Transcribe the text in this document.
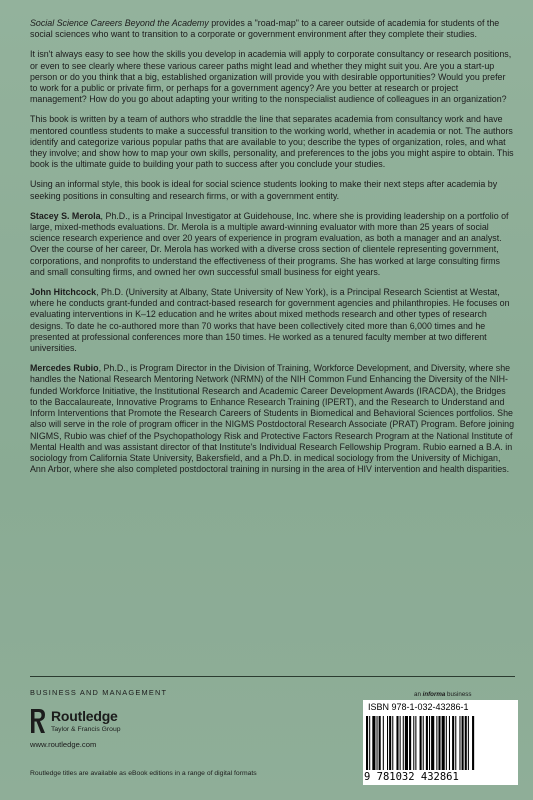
Social Science Careers Beyond the Academy provides a "road-map" to a career outside of academia for students of the social sciences who want to transition to a corporate or government environment after they complete their studies.

It isn't always easy to see how the skills you develop in academia will apply to corporate consultancy or research positions, or even to see clearly where these various career paths might lead and whether they might suit you. Are you a start-up person or do you think that a big, established organization will provide you with desirable opportunities? Would you prefer to work for a public or private firm, or perhaps for a government agency? Are you better at research or project management? How do you go about adapting your writing to the nonspecialist audience of colleagues in an organization?

This book is written by a team of authors who straddle the line that separates academia from consultancy work and have mentored countless students to make a successful transition to the working world, whether in academia or not. The authors identify and categorize various popular paths that are available to you; describe the types of organization, roles, and what they involve; and show how to map your own skills, personality, and preferences to the jobs you might aspire to obtain. This book is the ultimate guide to building your path to success after you conclude your studies.

Using an informal style, this book is ideal for social science students looking to make their next steps after academia by seeking positions in consulting and research firms, or with a government entity.

Stacey S. Merola, Ph.D., is a Principal Investigator at Guidehouse, Inc. where she is providing leadership on a portfolio of large, mixed-methods evaluations. Dr. Merola is a multiple award-winning evaluator with more than 25 years of social science research experience and over 20 years of experience in program evaluation, as both a manager and an analyst. Over the course of her career, Dr. Merola has worked with a diverse cross section of clientele representing government, corporations, and nonprofits to understand the effectiveness of their programs. She has worked at large consulting firms and small consulting firms, and owned her own successful small business for eight years.

John Hitchcock, Ph.D. (University at Albany, State University of New York), is a Principal Research Scientist at Westat, where he conducts grant-funded and contract-based research for government agencies and philanthropies. He focuses on evaluating interventions in K–12 education and he writes about mixed methods research and other types of research designs. To date he co-authored more than 70 works that have been collectively cited more than 6,000 times and he presented at professional conferences more than 150 times. He worked as a tenured faculty member at two different universities.

Mercedes Rubio, Ph.D., is Program Director in the Division of Training, Workforce Development, and Diversity, where she handles the National Research Mentoring Network (NRMN) of the NIH Common Fund Enhancing the Diversity of the NIH-funded Workforce Initiative, the Institutional Research and Academic Career Development Awards (IRACDA), the Bridges to the Baccalaureate, Innovative Programs to Enhance Research Training (IPERT), and the Research to Understand and Inform Interventions that Promote the Research Careers of Students in Biomedical and Behavioral Sciences portfolios. She also will serve in the role of program officer in the NIGMS Postdoctoral Research Associate (PRAT) Program. Before joining NIGMS, Rubio was chief of the Psychopathology Risk and Protective Factors Research Program at the National Institute of Mental Health and was assistant director of that Institute's Individual Research Fellowship Program. Rubio earned a B.A. in sociology from California State University, Bakersfield, and a Ph.D. in medical sociology from the University of Michigan, Ann Arbor, where she also completed postdoctoral training in nursing in the area of HIV intervention and health disparities.

BUSINESS AND MANAGEMENT
Routledge
Taylor & Francis Group
www.routledge.com
Routledge titles are available as eBook editions in a range of digital formats
an informa business
ISBN 978-1-032-43286-1
9 781032 432861
